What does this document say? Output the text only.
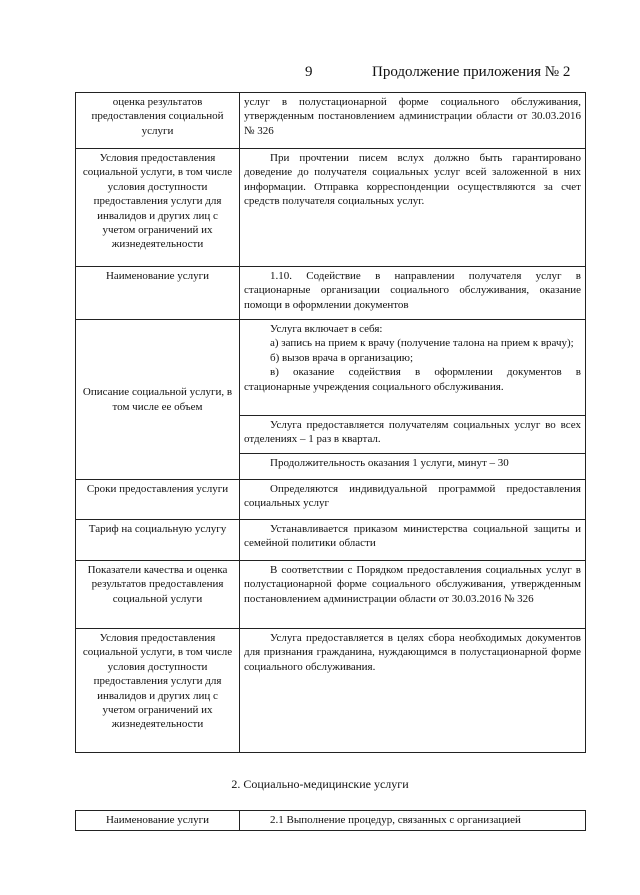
9	Продолжение приложения № 2
оценка результатов предоставления социальной услуги	услуг в полустационарной форме социального обслуживания, утвержденным постановлением администрации области от 30.03.2016 № 326
Условия предоставления социальной услуги, в том числе условия доступности предоставления услуги для инвалидов и других лиц с учетом ограничений их жизнедеятельности	При прочтении писем вслух должно быть гарантировано доведение до получателя социальных услуг всей заложенной в них информации. Отправка корреспонденции осуществляются за счет средств получателя социальных услуг.
Наименование услуги	1.10. Содействие в направлении получателя услуг в стационарные организации социального обслуживания, оказание помощи в оформлении документов
Описание социальной услуги, в том числе ее объем	Услуга включает в себя:
а) запись на прием к врачу (получение талона на прием к врачу);
б) вызов врача в организацию;
в) оказание содействия в оформлении документов в стационарные учреждения социального обслуживания.

	Услуга предоставляется получателям социальных услуг во всех отделениях – 1 раз в квартал.
	Продолжительность оказания 1 услуги, минут – 30
Сроки предоставления услуги	Определяются индивидуальной программой предоставления социальных услуг
Тариф на социальную услугу	Устанавливается приказом министерства социальной защиты и семейной политики области
Показатели качества и оценка результатов предоставления социальной услуги	В соответствии с Порядком предоставления социальных услуг в полустационарной форме социального обслуживания, утвержденным постановлением администрации области от 30.03.2016 № 326
Условия предоставления социальной услуги, в том числе условия доступности предоставления услуги для инвалидов и других лиц с учетом ограничений их жизнедеятельности	Услуга предоставляется в целях сбора необходимых документов для признания гражданина, нуждающимся в полустационарной форме социального обслуживания.
2. Социально-медицинские услуги
Наименование услуги	2.1 Выполнение процедур, связанных с организацией
